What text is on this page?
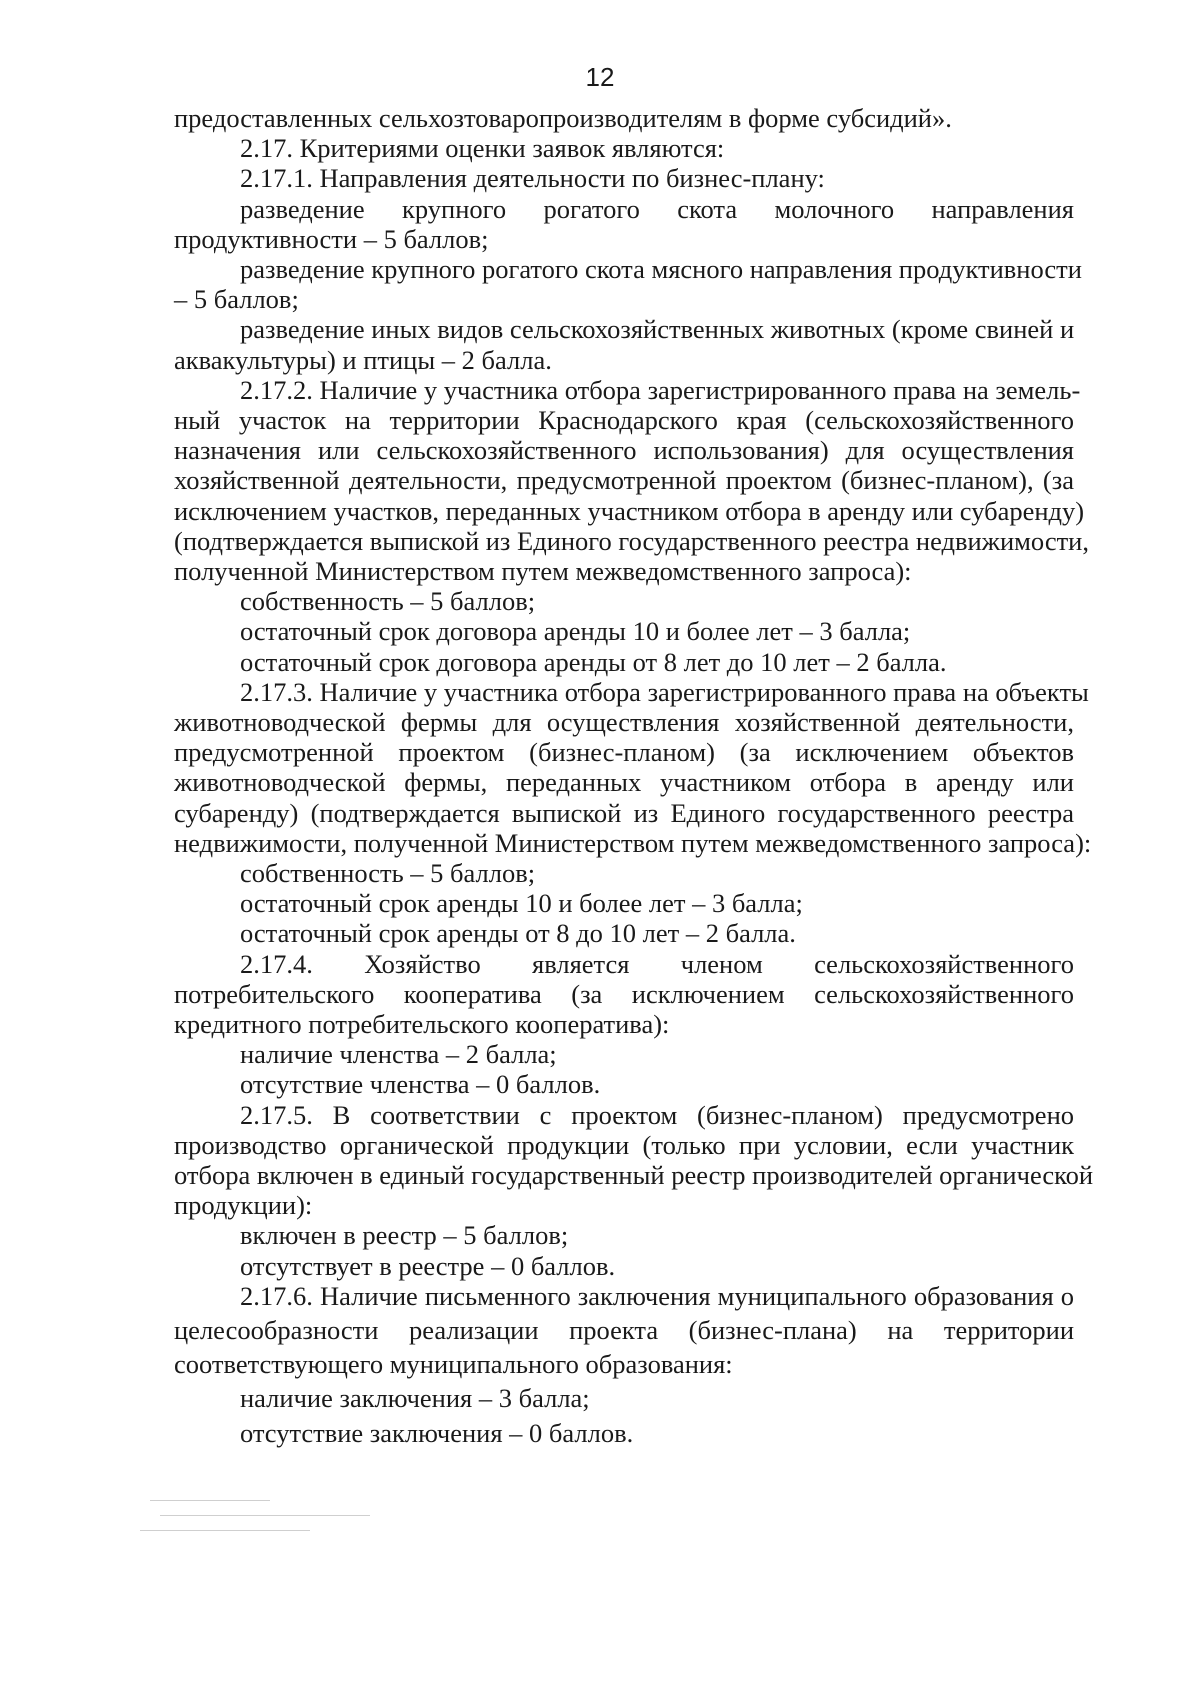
12
предоставленных сельхозтоваропроизводителям в форме субсидий».
2.17. Критериями оценки заявок являются:
2.17.1. Направления деятельности по бизнес-плану:
разведение крупного рогатого скота молочного направления
продуктивности – 5 баллов;
разведение крупного рогатого скота мясного направления продуктивности
– 5 баллов;
разведение иных видов сельскохозяйственных животных (кроме свиней и
аквакультуры) и птицы – 2 балла.
2.17.2. Наличие у участника отбора зарегистрированного права на земель-
ный участок на территории Краснодарского края (сельскохозяйственного
назначения или сельскохозяйственного использования) для осуществления
хозяйственной деятельности, предусмотренной проектом (бизнес-планом), (за
исключением участков, переданных участником отбора в аренду или субаренду)
(подтверждается выпиской из Единого государственного реестра недвижимости,
полученной Министерством путем межведомственного запроса):
собственность – 5 баллов;
остаточный срок договора аренды 10 и более лет – 3 балла;
остаточный срок договора аренды от 8 лет до 10 лет – 2 балла.
2.17.3. Наличие у участника отбора зарегистрированного права на объекты
животноводческой фермы для осуществления хозяйственной деятельности,
предусмотренной проектом (бизнес-планом) (за исключением объектов
животноводческой фермы, переданных участником отбора в аренду или
субаренду) (подтверждается выпиской из Единого государственного реестра
недвижимости, полученной Министерством путем межведомственного запроса):
собственность – 5 баллов;
остаточный срок аренды 10 и более лет – 3 балла;
остаточный срок аренды от 8 до 10 лет – 2 балла.
2.17.4. Хозяйство является членом сельскохозяйственного
потребительского кооператива (за исключением сельскохозяйственного
кредитного потребительского кооператива):
наличие членства – 2 балла;
отсутствие членства – 0 баллов.
2.17.5. В соответствии с проектом (бизнес-планом) предусмотрено
производство органической продукции (только при условии, если участник
отбора включен в единый государственный реестр производителей органической
продукции):
включен в реестр – 5 баллов;
отсутствует в реестре – 0 баллов.
2.17.6. Наличие письменного заключения муниципального образования о
целесообразности реализации проекта (бизнес-плана) на территории
соответствующего муниципального образования:
наличие заключения – 3 балла;
отсутствие заключения – 0 баллов.
